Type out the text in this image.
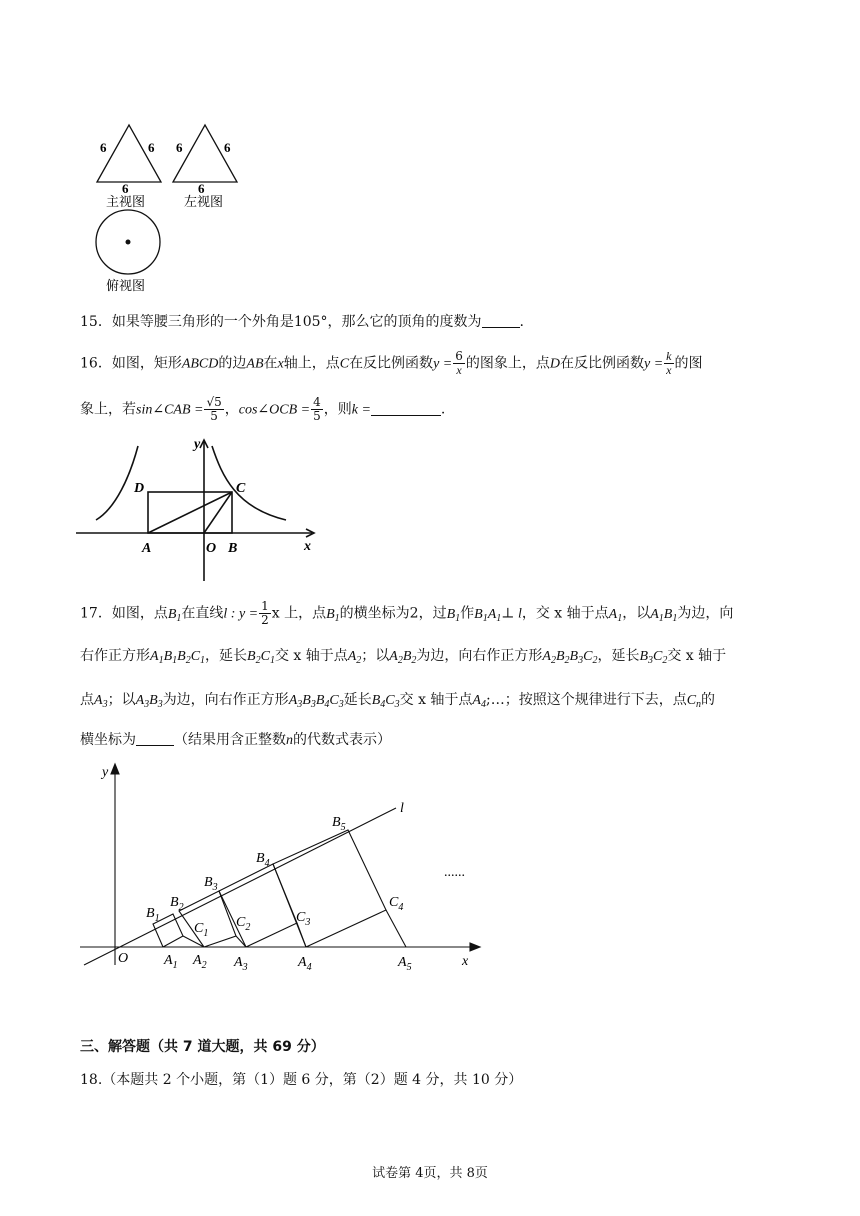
6	6
6
6	6
6
主视图	左视图
俯视图
15．如果等腰三角形的一个外角是105°，那么它的顶角的度数为	.
16．如图，矩形ABCD的边AB在x轴上，点C在反比例函数$y = \frac{6}{x}$ 的图象上，点D在反比例函数$y = \frac{k}{x}$ 的图
象上，若sin∠CAB = $\frac{√5}{5}$ ，cos∠OCB = $\frac{4}{5}$ ，则k =	.
y
x
D	C
A	O B
17．如图，点$B_1$在直线l : $y = \frac{1}{2}$ x 上，点$B_1$的横坐标为2，过$B_1$作$B_1A_1\perp$ l，交 x 轴于点$A_1$，以$A_1B_1$为边，向
右作正方形$A_1B_1B_2C_1$，延长$B_2C_1$交 x 轴于点$A_2$；以$A_2B_2$为边，向右作正方形$A_2B_2B_3C_2$，延长$B_3C_2$交 x 轴于
点$A_3$；以$A_3B_3$为边，向右作正方形$A_3B_3B_4C_3$延长$B_4C_3$交 x 轴于点$A_4;\dots$；按照这个规律进行下去，点$C_n$的
横坐标为	（结果用含正整数n的代数式表示）
y
x
O
l
......
$B_1$
$B_2$
$B_3$
$B_4$
$B_5$
$C_1$
$C_2$
$C_3$
$C_4$
$A_1$ $A_2$ $A_3$	$A_4$	$A_5$
三、解答题（共 7 道大题，共 69 分）
18.（本题共 2 个小题，第（1）题 6 分，第（2）题 4 分，共 10 分）
试卷第 4页，共 8页
